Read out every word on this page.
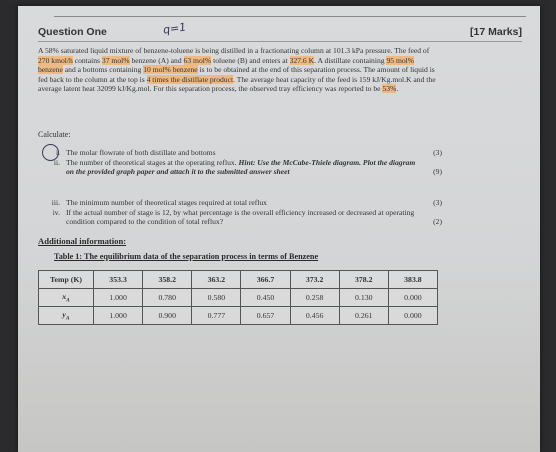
Question One	[17 Marks]
q=1
A 58% saturated liquid mixture of benzene-toluene is being distilled in a fractionating column at 101.3 kPa pressure. The feed of 270 kmol/h contains 37 mol% benzene (A) and 63 mol% toluene (B) and enters at 327.6 K. A distillate containing 95 mol% benzene and a bottoms containing 10 mol% benzene is to be obtained at the end of this separation process. The amount of liquid is fed back to the column at the top is 4 times the distillate product. The average heat capacity of the feed is 159 kJ/Kg.mol.K and the average latent heat 32099 kJ/Kg.mol. For this separation process, the observed tray efficiency was reported to be 53%.
Calculate:
i. The molar flowrate of both distillate and bottoms	(3)
ii. The number of theoretical stages at the operating reflux. Hint: Use the McCabe-Thiele diagram. Plot the diagram on the provided graph paper and attach it to the submitted answer sheet	(9)
iii. The minimum number of theoretical stages required at total reflux	(3)
iv. If the actual number of stage is 12, by what percentage is the overall efficiency increased or decreased at operating condition compared to the condition of total reflux?	(2)
Additional information:
Table 1: The equilibrium data of the separation process in terms of Benzene
Temp (K)	353.3	358.2	363.2	366.7	373.2	378.2	383.8
$x_A$	1.000	0.780	0.580	0.450	0.258	0.130	0.000
$y_A$	1.000	0.900	0.777	0.657	0.456	0.261	0.000
